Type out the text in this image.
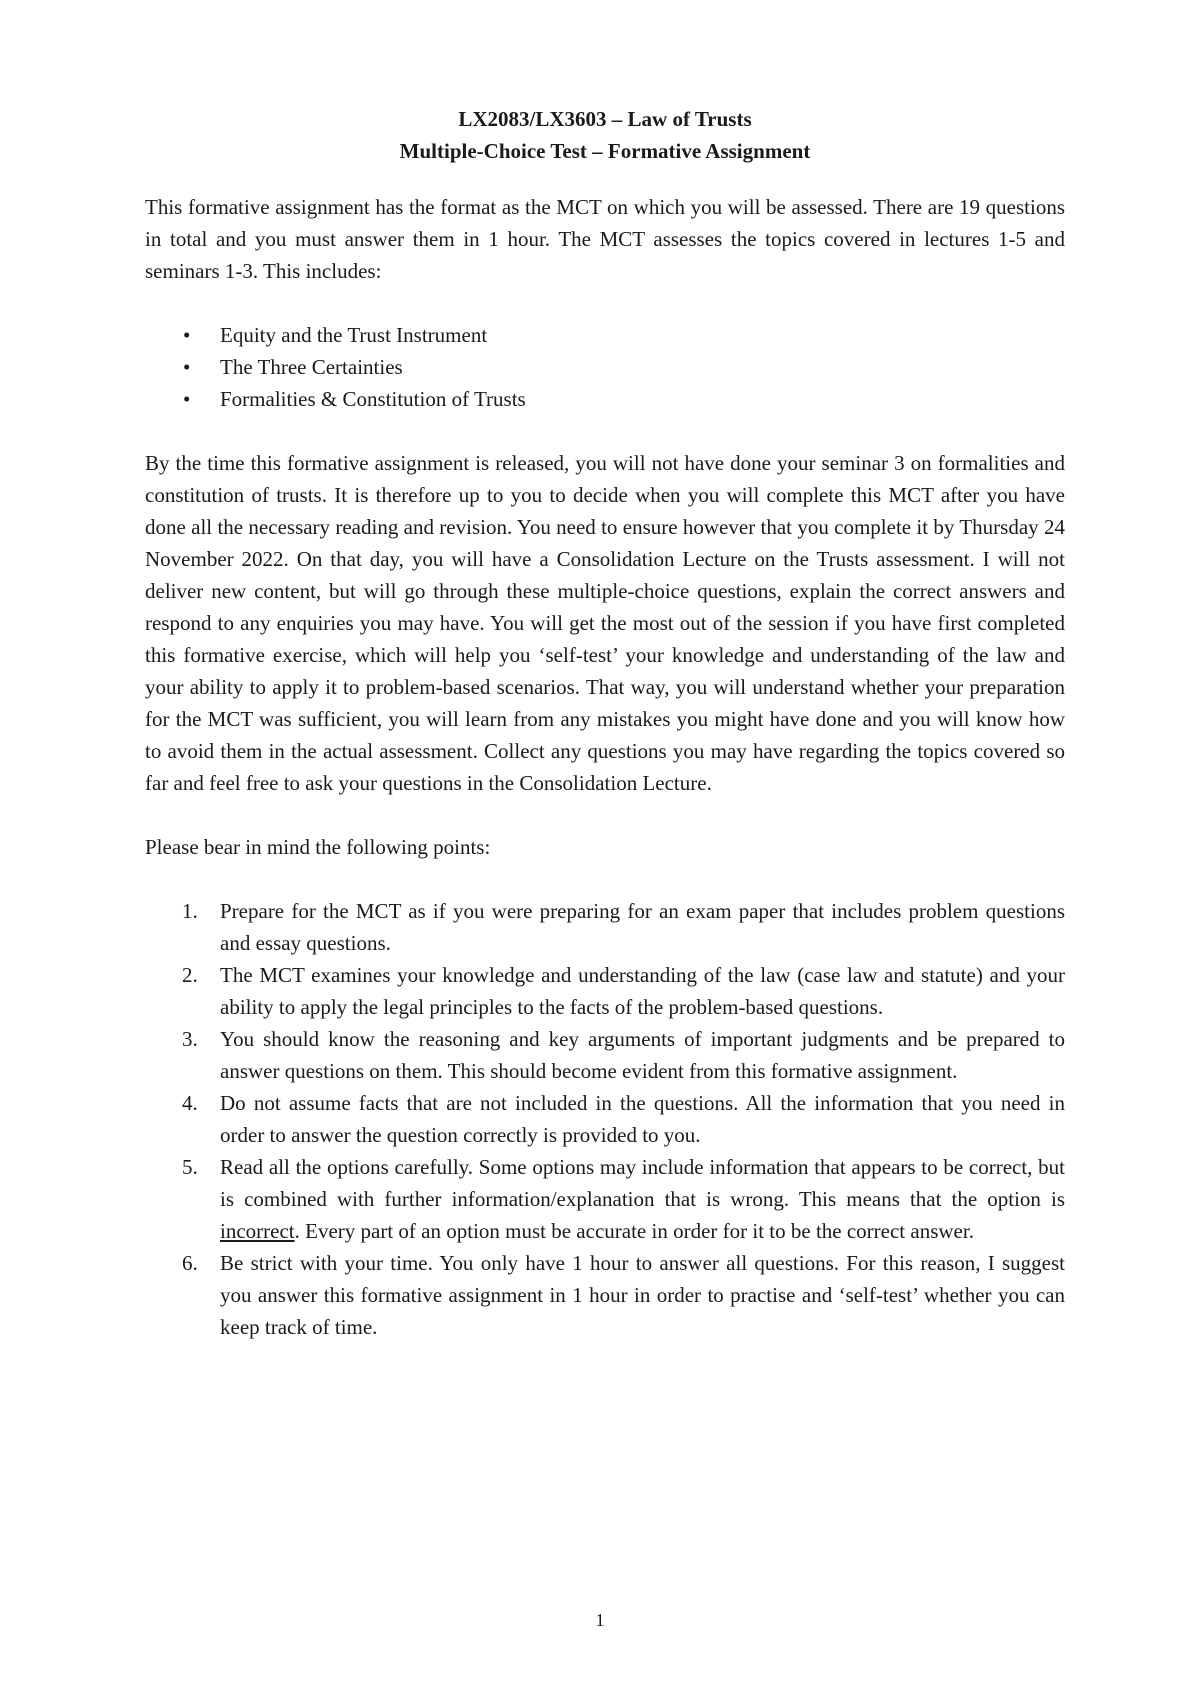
LX2083/LX3603 – Law of Trusts
Multiple-Choice Test – Formative Assignment

This formative assignment has the format as the MCT on which you will be assessed. There are 19 questions in total and you must answer them in 1 hour. The MCT assesses the topics covered in lectures 1-5 and seminars 1-3. This includes:

• Equity and the Trust Instrument
• The Three Certainties
• Formalities & Constitution of Trusts

By the time this formative assignment is released, you will not have done your seminar 3 on formalities and constitution of trusts. It is therefore up to you to decide when you will complete this MCT after you have done all the necessary reading and revision. You need to ensure however that you complete it by Thursday 24 November 2022. On that day, you will have a Consolidation Lecture on the Trusts assessment. I will not deliver new content, but will go through these multiple-choice questions, explain the correct answers and respond to any enquiries you may have. You will get the most out of the session if you have first completed this formative exercise, which will help you ‘self-test’ your knowledge and understanding of the law and your ability to apply it to problem-based scenarios. That way, you will understand whether your preparation for the MCT was sufficient, you will learn from any mistakes you might have done and you will know how to avoid them in the actual assessment. Collect any questions you may have regarding the topics covered so far and feel free to ask your questions in the Consolidation Lecture.

Please bear in mind the following points:

1. Prepare for the MCT as if you were preparing for an exam paper that includes problem questions and essay questions.
2. The MCT examines your knowledge and understanding of the law (case law and statute) and your ability to apply the legal principles to the facts of the problem-based questions.
3. You should know the reasoning and key arguments of important judgments and be prepared to answer questions on them. This should become evident from this formative assignment.
4. Do not assume facts that are not included in the questions. All the information that you need in order to answer the question correctly is provided to you.
5. Read all the options carefully. Some options may include information that appears to be correct, but is combined with further information/explanation that is wrong. This means that the option is incorrect. Every part of an option must be accurate in order for it to be the correct answer.
6. Be strict with your time. You only have 1 hour to answer all questions. For this reason, I suggest you answer this formative assignment in 1 hour in order to practise and ‘self-test’ whether you can keep track of time.
1
